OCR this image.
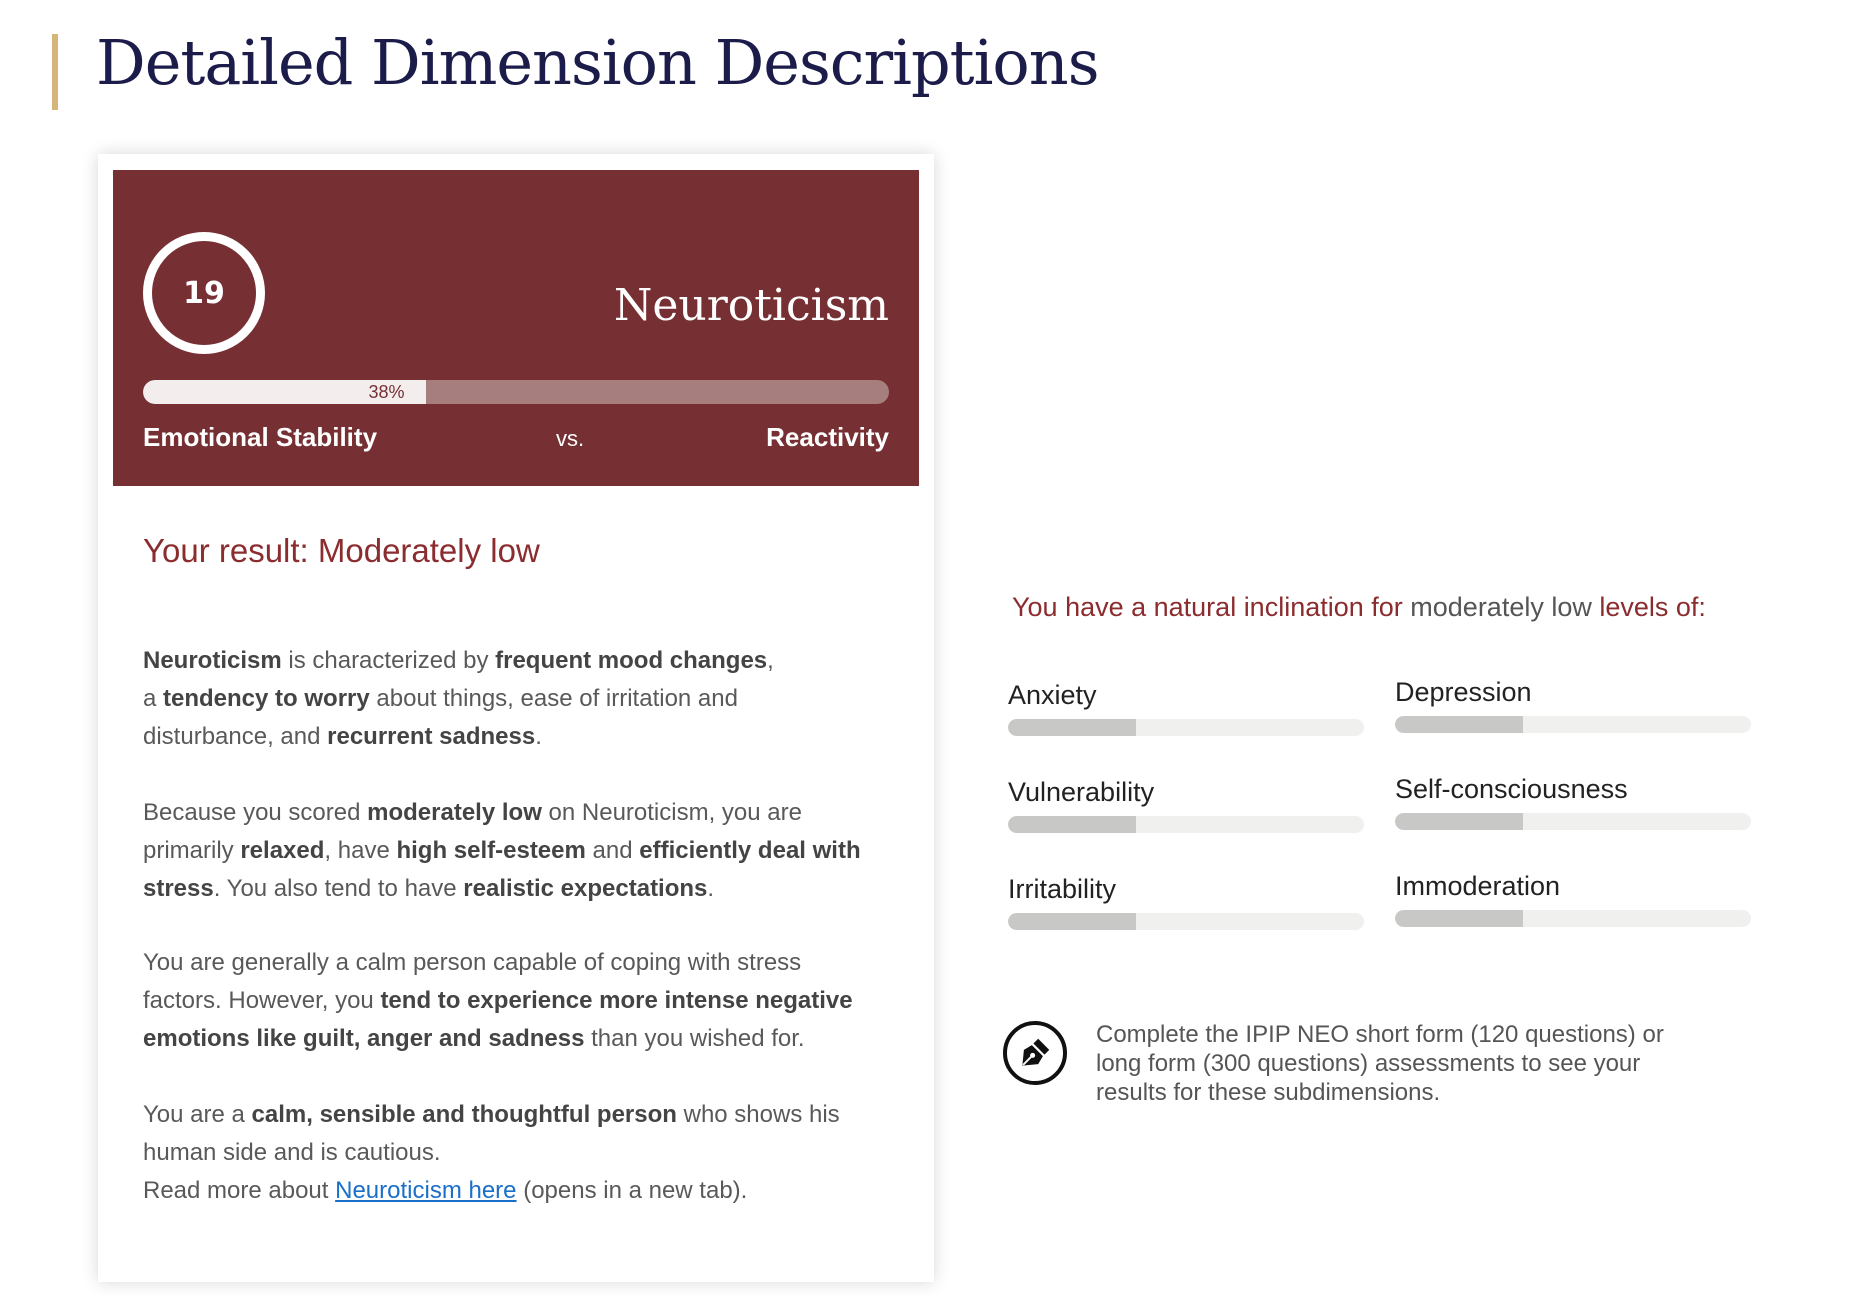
Detailed Dimension Descriptions
19	Neuroticism
38%
Emotional Stability	vs.	Reactivity
Your result: Moderately low

Neuroticism is characterized by frequent mood changes,
a tendency to worry about things, ease of irritation and
disturbance, and recurrent sadness.

Because you scored moderately low on Neuroticism, you are
primarily relaxed, have high self-esteem and efficiently deal with
stress. You also tend to have realistic expectations.

You are generally a calm person capable of coping with stress
factors. However, you tend to experience more intense negative
emotions like guilt, anger and sadness than you wished for.

You are a calm, sensible and thoughtful person who shows his
human side and is cautious.

Read more about Neuroticism here (opens in a new tab).

You have a natural inclination for moderately low levels of:
Anxiety	Depression
Vulnerability	Self-consciousness
Irritability	Immoderation

Complete the IPIP NEO short form (120 questions) or
long form (300 questions) assessments to see your
results for these subdimensions.
